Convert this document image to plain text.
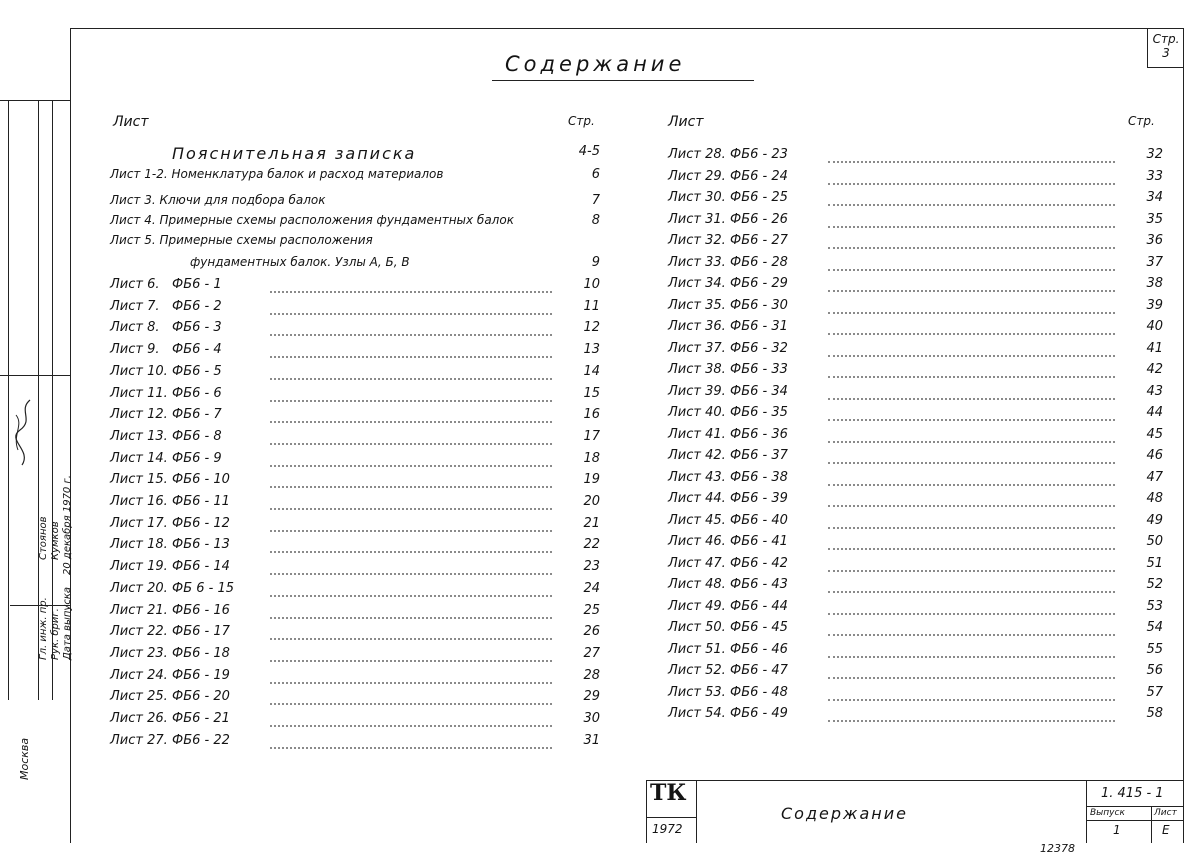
Стр.
3
Содержание
Лист	Стр.	Лист	Стр.
Пояснительная записка	4-5
Лист 1-2. Номенклатура балок и расход материалов	6
Лист 3. Ключи для подбора балок	7
Лист 4. Примерные схемы расположения фундаментных балок	8
Лист 5. Примерные схемы расположения
фундаментных балок. Узлы А, Б, В	9
Лист 6. ФБ6 - 1	10
Лист 7. ФБ6 - 2	11
Лист 8. ФБ6 - 3	12
Лист 9. ФБ6 - 4	13
Лист 10. ФБ6 - 5	14
Лист 11. ФБ6 - 6	15
Лист 12. ФБ6 - 7	16
Лист 13. ФБ6 - 8	17
Лист 14. ФБ6 - 9	18
Лист 15. ФБ6 - 10	19
Лист 16. ФБ6 - 11	20
Лист 17. ФБ6 - 12	21
Лист 18. ФБ6 - 13	22
Лист 19. ФБ6 - 14	23
Лист 20. ФБ 6 - 15	24
Лист 21. ФБ6 - 16	25
Лист 22. ФБ6 - 17	26
Лист 23. ФБ6 - 18	27
Лист 24. ФБ6 - 19	28
Лист 25. ФБ6 - 20	29
Лист 26. ФБ6 - 21	30
Лист 27. ФБ6 - 22	31
Лист 28. ФБ6 - 23	32
Лист 29. ФБ6 - 24	33
Лист 30. ФБ6 - 25	34
Лист 31. ФБ6 - 26	35
Лист 32. ФБ6 - 27	36
Лист 33. ФБ6 - 28	37
Лист 34. ФБ6 - 29	38
Лист 35. ФБ6 - 30	39
Лист 36. ФБ6 - 31	40
Лист 37. ФБ6 - 32	41
Лист 38. ФБ6 - 33	42
Лист 39. ФБ6 - 34	43
Лист 40. ФБ6 - 35	44
Лист 41. ФБ6 - 36	45
Лист 42. ФБ6 - 37	46
Лист 43. ФБ6 - 38	47
Лист 44. ФБ6 - 39	48
Лист 45. ФБ6 - 40	49
Лист 46. ФБ6 - 41	50
Лист 47. ФБ6 - 42	51
Лист 48. ФБ6 - 43	52
Лист 49. ФБ6 - 44	53
Лист 50. ФБ6 - 45	54
Лист 51. ФБ6 - 46	55
Лист 52. ФБ6 - 47	56
Лист 53. ФБ6 - 48	57
Лист 54. ФБ6 - 49	58
Гл. инж. пр.
Стоянов
Рук. бриг.
Кумков
Дата выпуска
20 декабря 1970 г.
Москва
ТК
1972
Содержание
1. 415 - 1
Выпуск	Лист
1	Е
12378
